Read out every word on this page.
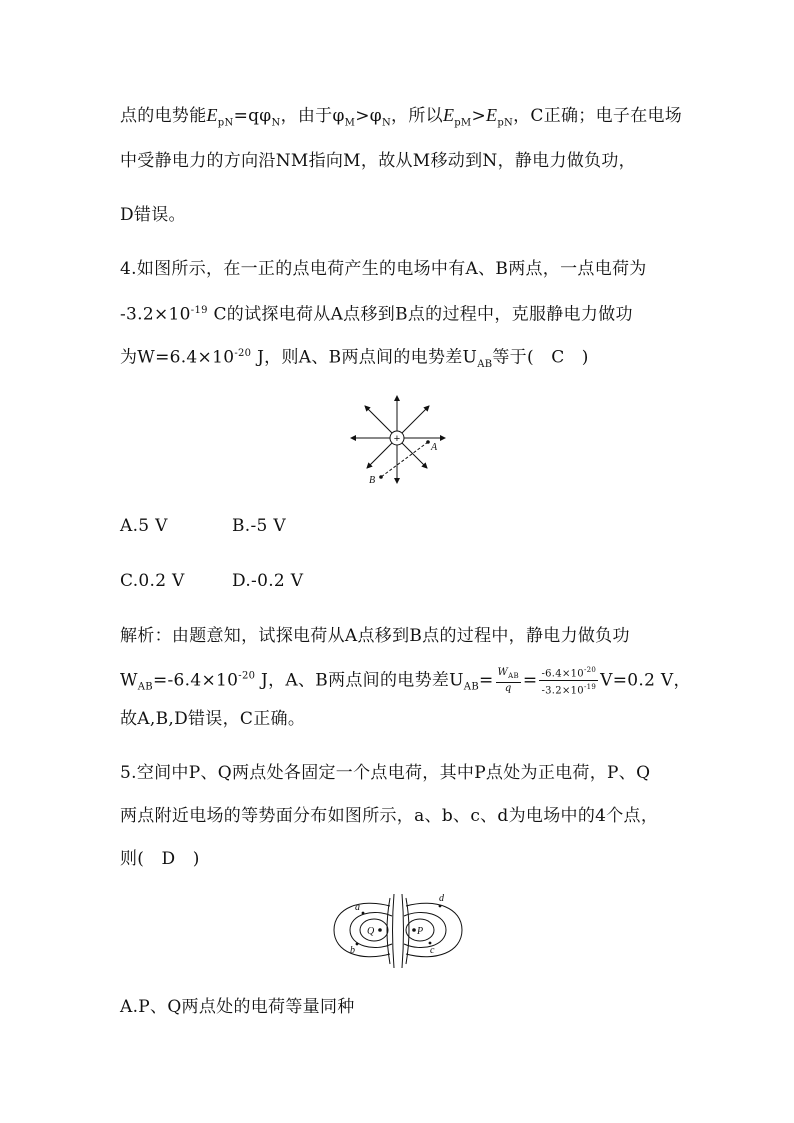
点的电势能$E_{pN}=q\varphi_N$，由于$\varphi_M>\varphi_N$，所以$E_{pM}>E_{pN}$，C正确；电子在电场
中受静电力的方向沿NM指向M，故从M移动到N，静电力做负功，
D错误。
4.如图所示，在一正的点电荷产生的电场中有A、B两点，一点电荷为
$-3.2\times 10^{-19}$ C的试探电荷从A点移到B点的过程中，克服静电力做功
为$W=6.4\times 10^{-20}$ J，则A、B两点间的电势差$U_{AB}$等于(　C　)
+
A
B
A.5 V	B.-5 V
C.0.2 V	D.-0.2 V
解析：由题意知，试探电荷从A点移到B点的过程中，静电力做负功
$W_{AB}=-6.4\times 10^{-20}$ J，A、B两点间的电势差$U_{AB}= \frac{W_{AB}}{q} = \frac{-6.4\times 10^{-20}}{-3.2\times 10^{-19}} V=0.2$ V，
故A,B,D错误，C正确。
5.空间中P、Q两点处各固定一个点电荷，其中P点处为正电荷，P、Q
两点附近电场的等势面分布如图所示，a、b、c、d为电场中的4个点，
则(　D　)
Q	P
a
b	c
d
A.P、Q两点处的电荷等量同种
